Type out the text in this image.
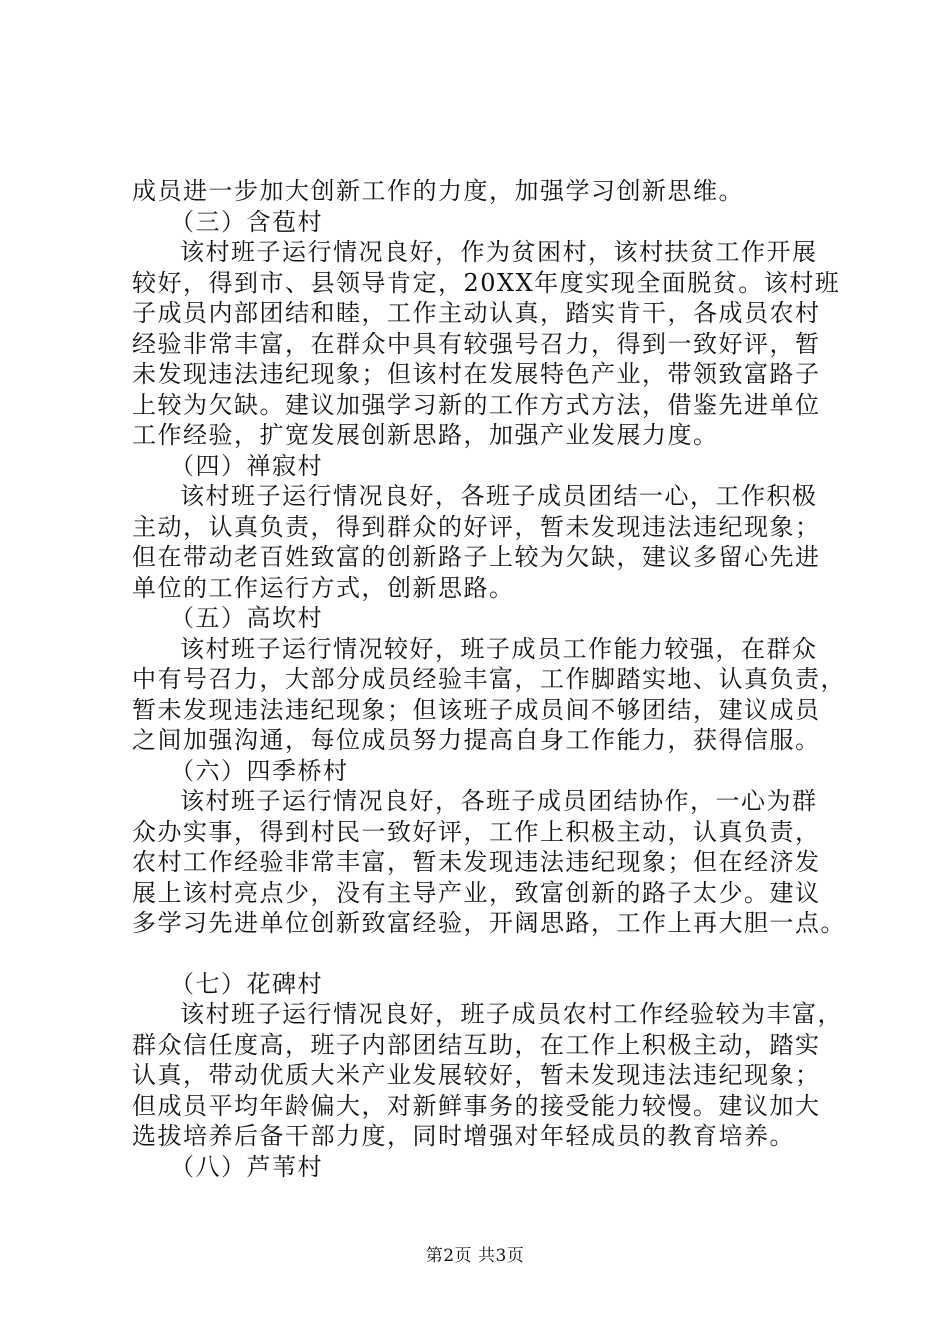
成员进一步加大创新工作的力度，加强学习创新思维。
（三）含苞村
该村班子运行情况良好，作为贫困村，该村扶贫工作开展
较好，得到市、县领导肯定，20XX年度实现全面脱贫。该村班
子成员内部团结和睦，工作主动认真，踏实肯干，各成员农村
经验非常丰富，在群众中具有较强号召力，得到一致好评，暂
未发现违法违纪现象；但该村在发展特色产业，带领致富路子
上较为欠缺。建议加强学习新的工作方式方法，借鉴先进单位
工作经验，扩宽发展创新思路，加强产业发展力度。
（四）禅寂村
该村班子运行情况良好，各班子成员团结一心，工作积极
主动，认真负责，得到群众的好评，暂未发现违法违纪现象；
但在带动老百姓致富的创新路子上较为欠缺，建议多留心先进
单位的工作运行方式，创新思路。
（五）高坎村
该村班子运行情况较好，班子成员工作能力较强，在群众
中有号召力，大部分成员经验丰富，工作脚踏实地、认真负责，
暂未发现违法违纪现象；但该班子成员间不够团结，建议成员
之间加强沟通，每位成员努力提高自身工作能力，获得信服。
（六）四季桥村
该村班子运行情况良好，各班子成员团结协作，一心为群
众办实事，得到村民一致好评，工作上积极主动，认真负责，
农村工作经验非常丰富，暂未发现违法违纪现象；但在经济发
展上该村亮点少，没有主导产业，致富创新的路子太少。建议
多学习先进单位创新致富经验，开阔思路，工作上再大胆一点。
（七）花碑村
该村班子运行情况良好，班子成员农村工作经验较为丰富，
群众信任度高，班子内部团结互助，在工作上积极主动，踏实
认真，带动优质大米产业发展较好，暂未发现违法违纪现象；
但成员平均年龄偏大，对新鲜事务的接受能力较慢。建议加大
选拔培养后备干部力度，同时增强对年轻成员的教育培养。
（八）芦苇村
第2页 共3页
